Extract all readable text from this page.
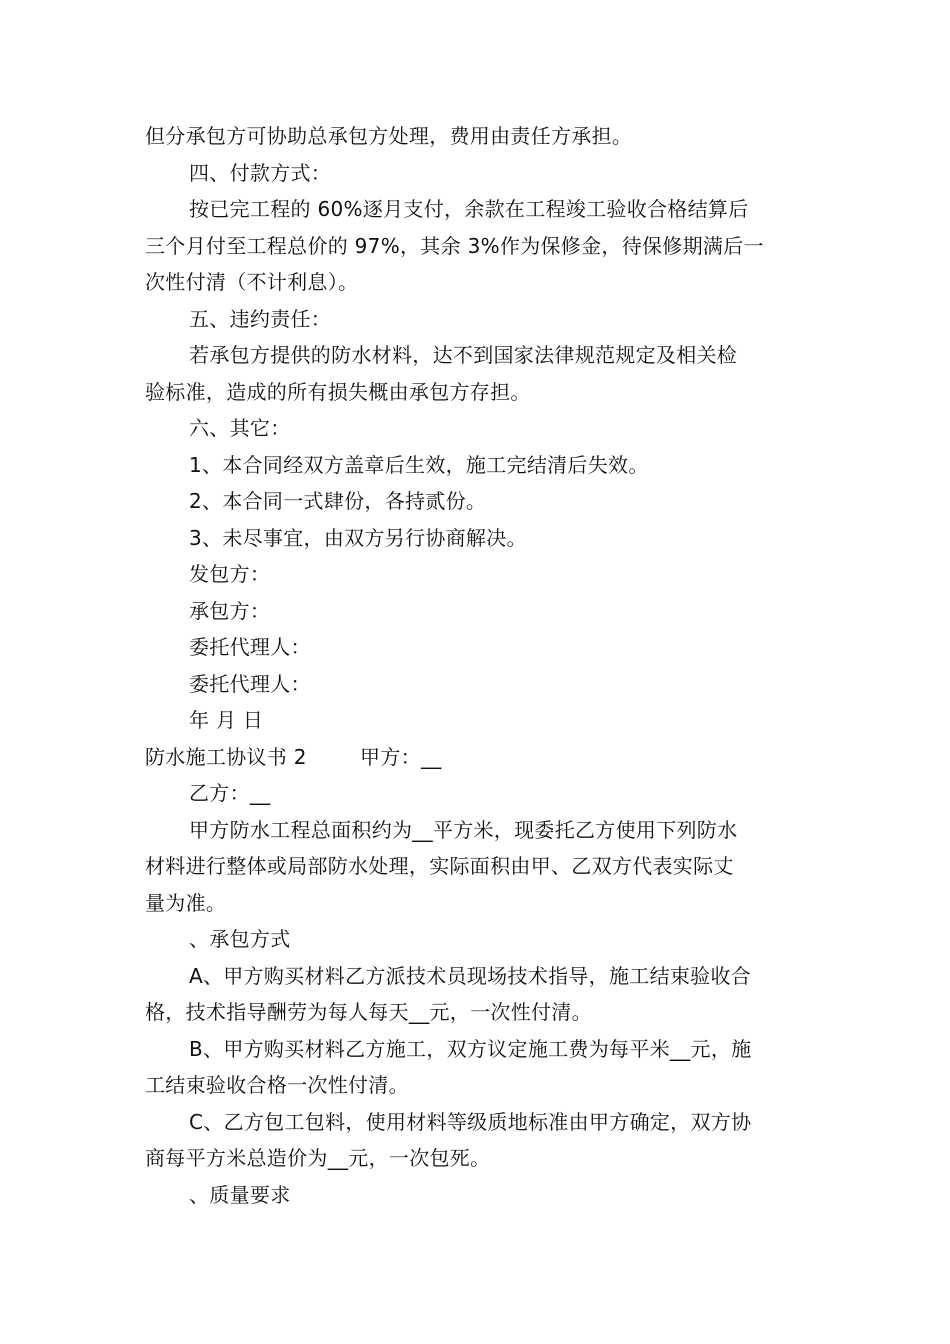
但分承包方可协助总承包方处理，费用由责任方承担。
四、付款方式：
按已完工程的 60%逐月支付，余款在工程竣工验收合格结算后
三个月付至工程总价的 97%，其余 3%作为保修金，待保修期满后一
次性付清（不计利息）。
五、违约责任：
若承包方提供的防水材料，达不到国家法律规范规定及相关检
验标准，造成的所有损失概由承包方存担。
六、其它：
1、本合同经双方盖章后生效，施工完结清后失效。
2、本合同一式肆份，各持贰份。
3、未尽事宜，由双方另行协商解决。
发包方：
承包方：
委托代理人：
委托代理人：
年 月 日
防水施工协议书 2        甲方：__
乙方：__
甲方防水工程总面积约为__平方米，现委托乙方使用下列防水
材料进行整体或局部防水处理，实际面积由甲、乙双方代表实际丈
量为准。
、承包方式
A、甲方购买材料乙方派技术员现场技术指导，施工结束验收合
格，技术指导酬劳为每人每天__元，一次性付清。
B、甲方购买材料乙方施工，双方议定施工费为每平米__元，施
工结束验收合格一次性付清。
C、乙方包工包料，使用材料等级质地标准由甲方确定，双方协
商每平方米总造价为__元，一次包死。
、质量要求
